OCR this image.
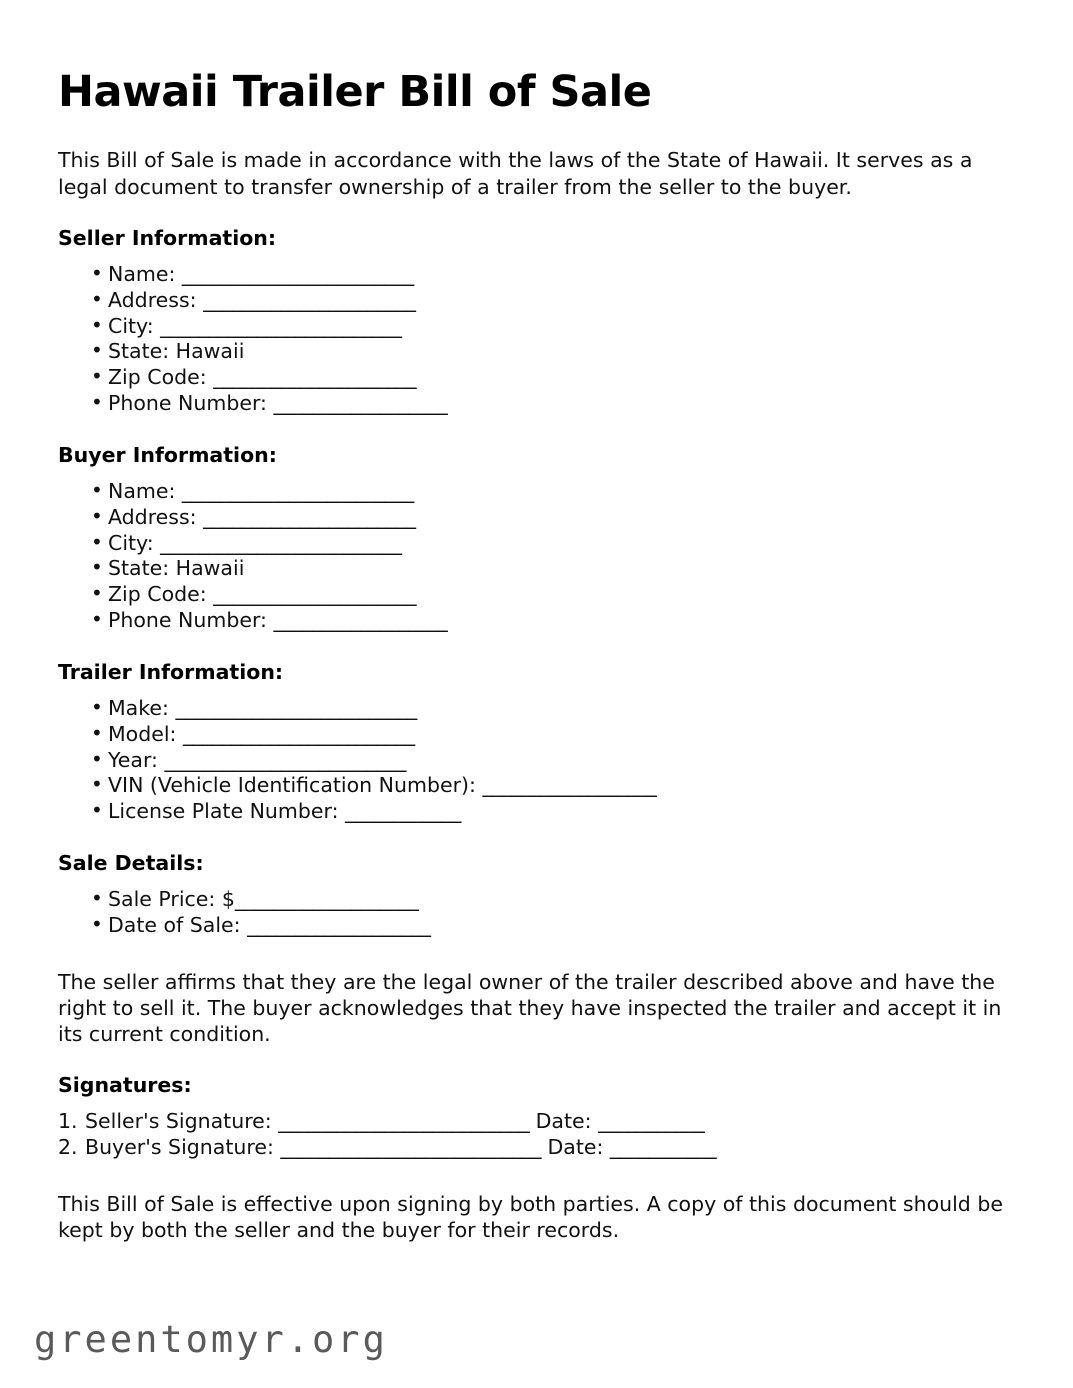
Hawaii Trailer Bill of Sale

This Bill of Sale is made in accordance with the laws of the State of Hawaii. It serves as a legal document to transfer ownership of a trailer from the seller to the buyer.

Seller Information:
• Name: ________________________
• Address: ______________________
• City: _________________________
• State: Hawaii
• Zip Code: _____________________
• Phone Number: __________________
Buyer Information:
• Name: ________________________
• Address: ______________________
• City: _________________________
• State: Hawaii
• Zip Code: _____________________
• Phone Number: __________________
Trailer Information:
• Make: _________________________
• Model: ________________________
• Year: _________________________
• VIN (Vehicle Identification Number): __________________
• License Plate Number: ____________
Sale Details:
• Sale Price: $___________________
• Date of Sale: ___________________

The seller affirms that they are the legal owner of the trailer described above and have the right to sell it. The buyer acknowledges that they have inspected the trailer and accept it in its current condition.

Signatures:
Seller's Signature: __________________________ Date: ___________
Buyer's Signature: ___________________________ Date: ___________

This Bill of Sale is effective upon signing by both parties. A copy of this document should be kept by both the seller and the buyer for their records.

greentomyr.org
